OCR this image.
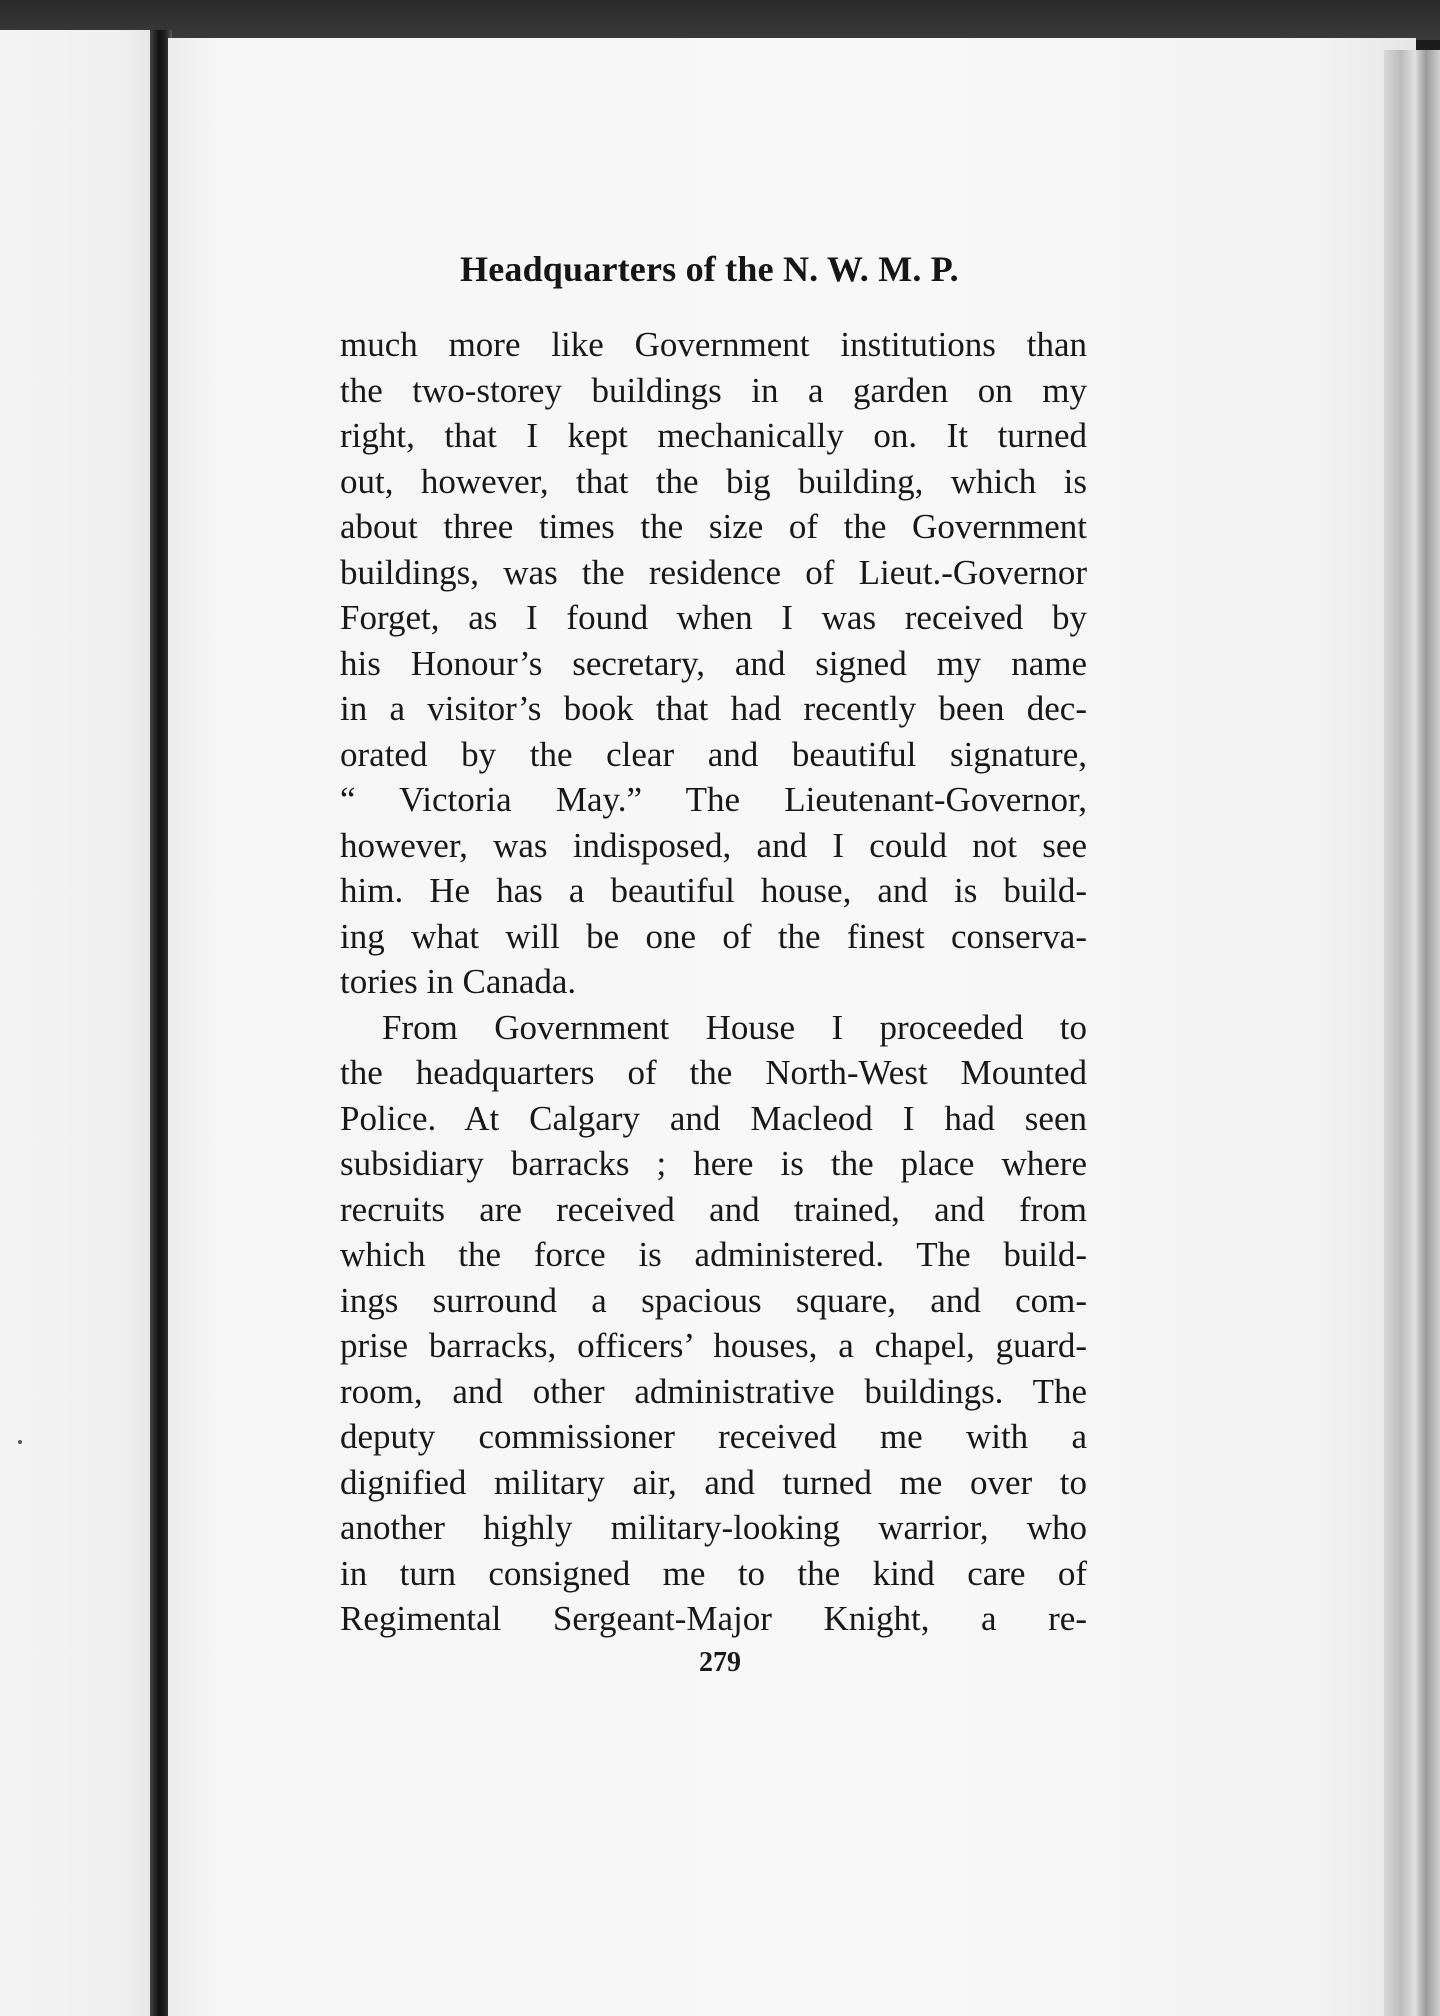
Headquarters of the N. W. M. P.
much more like Government institutions than
the two-storey buildings in a garden on my
right, that I kept mechanically on. It turned
out, however, that the big building, which is
about three times the size of the Government
buildings, was the residence of Lieut.-Governor
Forget, as I found when I was received by
his Honour’s secretary, and signed my name
in a visitor’s book that had recently been dec-
orated by the clear and beautiful signature,
“ Victoria May.” The Lieutenant-Governor,
however, was indisposed, and I could not see
him. He has a beautiful house, and is build-
ing what will be one of the finest conserva-
tories in Canada.
From Government House I proceeded to
the headquarters of the North-West Mounted
Police. At Calgary and Macleod I had seen
subsidiary barracks ; here is the place where
recruits are received and trained, and from
which the force is administered. The build-
ings surround a spacious square, and com-
prise barracks, officers’ houses, a chapel, guard-
room, and other administrative buildings. The
deputy commissioner received me with a
dignified military air, and turned me over to
another highly military-looking warrior, who
in turn consigned me to the kind care of
Regimental Sergeant-Major Knight, a re-

279
